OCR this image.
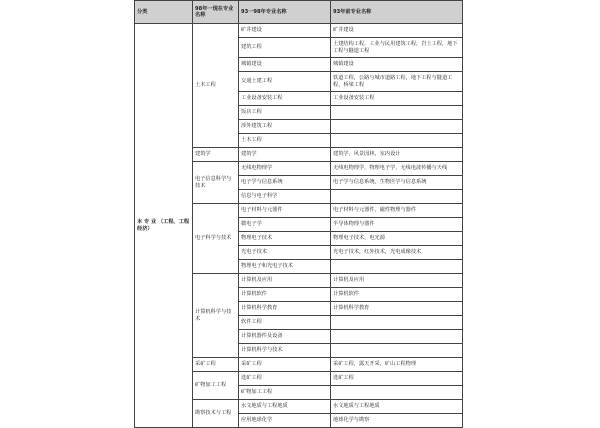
分类	98年一现在专业名称	93一98年专业名称	93年前专业名称
本 专 业 （工程、工程经济）	土木工程	矿井建设	矿井建设
		建筑工程	土建结构工程，工业与民用建筑工程，岩土工程，地下工程与隧道工程
		城镇建设	城镇建设
		交通土建工程	铁道工程，公路与城市道路工程，地下工程与隧道工程，桥梁工程
		工业设备安装工程	工业设备安装工程
		饭店工程	
		涉外建筑工程	
		土木工程	
	建筑学	建筑学	建筑学，风景园林，室内设计
	电子信息科学与技术	无线电物理学	无线电物理学，物理电子学，无线电波传播与天线
		电子学与信息系统	电子学与信息系统，生物医学与信息系统
		信息与电子科学	
	电子科学与技术	电子材料与元器件	电子材料与元器件，磁性物理与器件
		微电子学	半导体物理与器件
		物理电子技术	物理电子技术，电光源
		光电子技术	光电子技术，红外技术，光电成像技术
		物理电子和光电子技术	
	计算机科学与技术	计算机及应用	计算机及应用
		计算机软件	计算机软件
		计算机科学教育	计算机科学教育
		软件工程	
		计算机器件及设备	
		计算机科学与技术	
	采矿工程	采矿工程	采矿工程，露天开采，矿山工程物理
	矿物加工工程	选矿工程	选矿工程
		矿物加工工程	
	勘察技术与工程	水文地质与工程地质	水文地质与工程地质
		应用地球化学	地球化学与勘察
